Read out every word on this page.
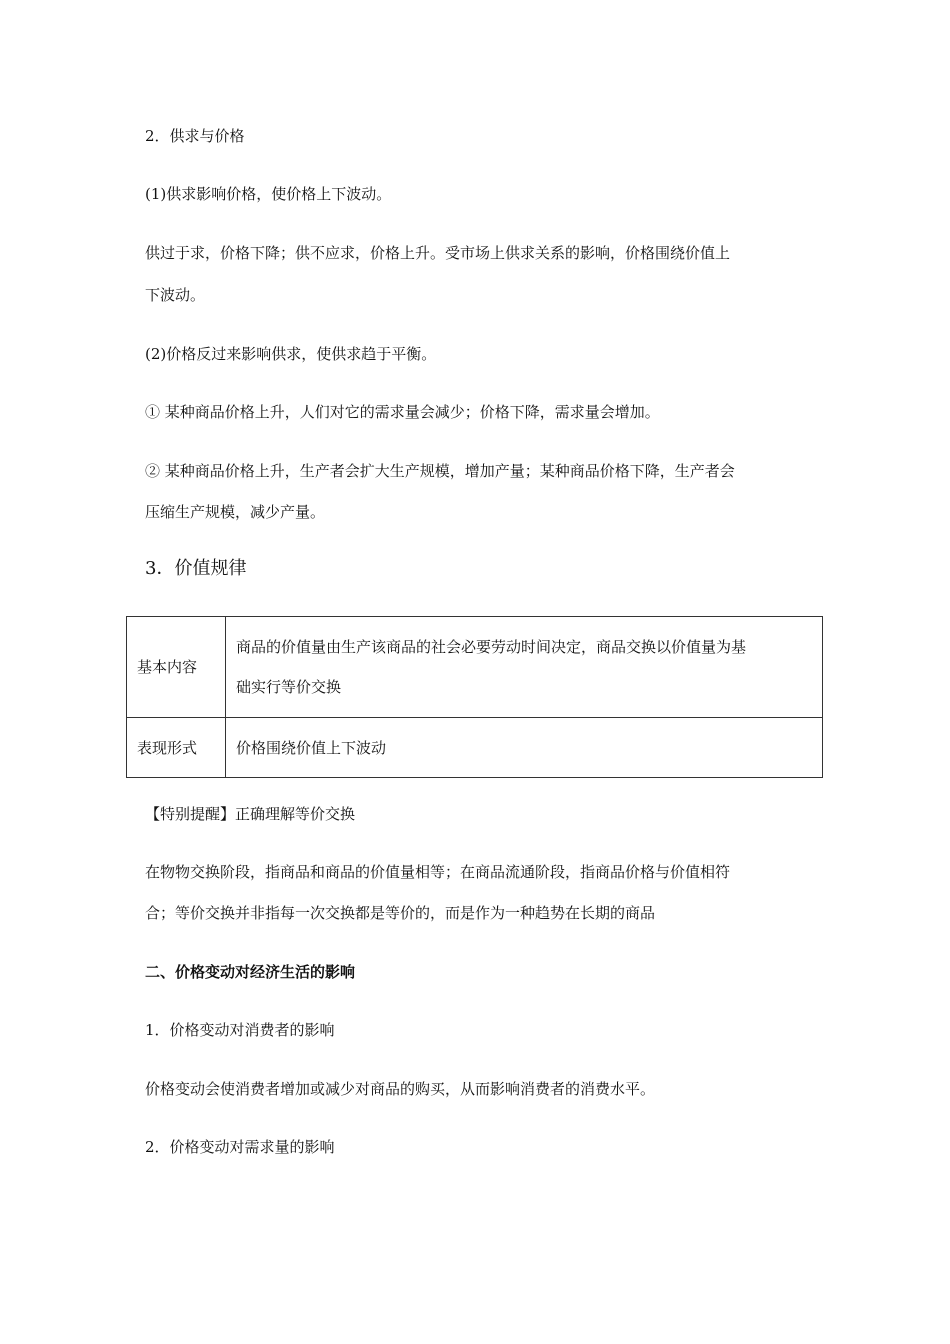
2．供求与价格

(1)供求影响价格，使价格上下波动。

供过于求，价格下降；供不应求，价格上升。受市场上供求关系的影响，价格围绕价值上

下波动。

(2)价格反过来影响供求，使供求趋于平衡。

① 某种商品价格上升，人们对它的需求量会减少；价格下降，需求量会增加。

② 某种商品价格上升，生产者会扩大生产规模，增加产量；某种商品价格下降，生产者会

压缩生产规模，减少产量。

3．价值规律

基本内容	商品的价值量由生产该商品的社会必要劳动时间决定，商品交换以价值量为基
础实行等价交换

表现形式	价格围绕价值上下波动

【特别提醒】正确理解等价交换

在物物交换阶段，指商品和商品的价值量相等；在商品流通阶段，指商品价格与价值相符

合；等价交换并非指每一次交换都是等价的，而是作为一种趋势在长期的商品

二、价格变动对经济生活的影响

1．价格变动对消费者的影响

价格变动会使消费者增加或减少对商品的购买，从而影响消费者的消费水平。

2．价格变动对需求量的影响
